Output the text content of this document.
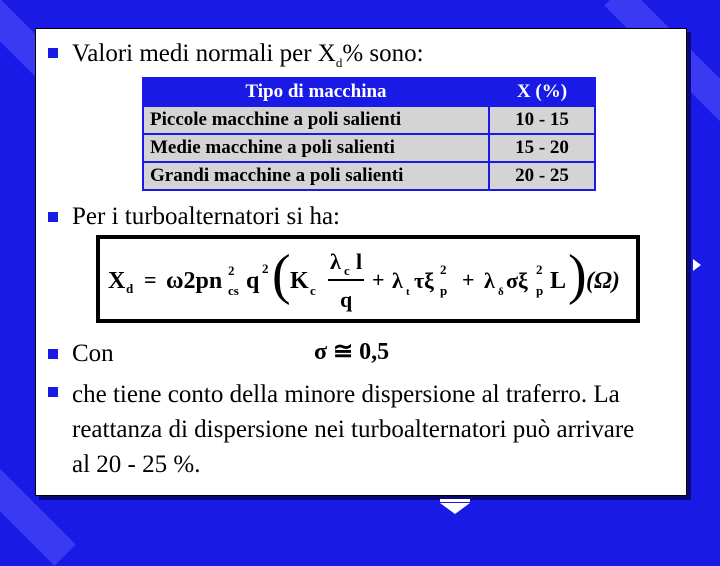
Valori medi normali per $X_d\%$ sono:
Tipo di macchina	X (%)
Piccole macchine a poli salienti	10 - 15
Medie macchine a poli salienti	15 - 20
Grandi macchine a poli salienti	20 - 25
Per i turboalternatori si ha:
X d = ω2pn 2
cs q 2 ( K c
λ c l
q
+ λ t τξ 2
p + λ δ σξ 2
p L ) (Ω)
Con	σ ≅ 0,5
che tiene conto della minore dispersione al traferro. La reattanza di dispersione nei turboalternatori può arrivare al 20 - 25 %.
